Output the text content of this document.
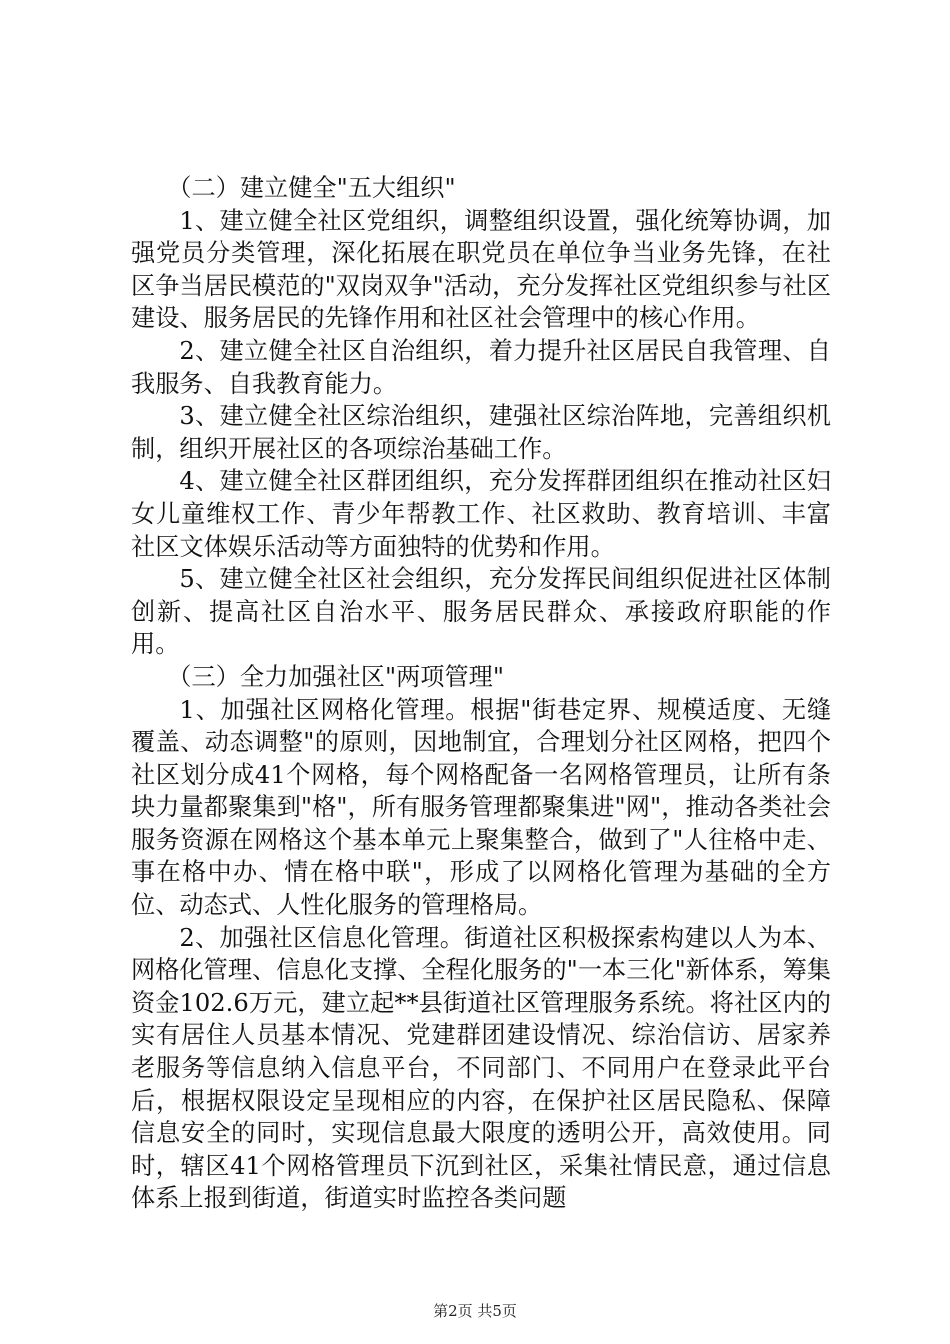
（二）建立健全"五大组织"

1、建立健全社区党组织，调整组织设置，强化统筹协调，加强党员分类管理，深化拓展在职党员在单位争当业务先锋，在社区争当居民模范的"双岗双争"活动，充分发挥社区党组织参与社区建设、服务居民的先锋作用和社区社会管理中的核心作用。

2、建立健全社区自治组织，着力提升社区居民自我管理、自我服务、自我教育能力。

3、建立健全社区综治组织，建强社区综治阵地，完善组织机制，组织开展社区的各项综治基础工作。

4、建立健全社区群团组织，充分发挥群团组织在推动社区妇女儿童维权工作、青少年帮教工作、社区救助、教育培训、丰富社区文体娱乐活动等方面独特的优势和作用。

5、建立健全社区社会组织，充分发挥民间组织促进社区体制创新、提高社区自治水平、服务居民群众、承接政府职能的作用。

（三）全力加强社区"两项管理"

1、加强社区网格化管理。根据"街巷定界、规模适度、无缝覆盖、动态调整"的原则，因地制宜，合理划分社区网格，把四个社区划分成41个网格，每个网格配备一名网格管理员，让所有条块力量都聚集到"格"，所有服务管理都聚集进"网"，推动各类社会服务资源在网格这个基本单元上聚集整合，做到了"人往格中走、事在格中办、情在格中联"，形成了以网格化管理为基础的全方位、动态式、人性化服务的管理格局。

2、加强社区信息化管理。街道社区积极探索构建以人为本、网格化管理、信息化支撑、全程化服务的"一本三化"新体系，筹集资金102.6万元，建立起**县街道社区管理服务系统。将社区内的实有居住人员基本情况、党建群团建设情况、综治信访、居家养老服务等信息纳入信息平台，不同部门、不同用户在登录此平台后，根据权限设定呈现相应的内容，在保护社区居民隐私、保障信息安全的同时，实现信息最大限度的透明公开，高效使用。同时，辖区41个网格管理员下沉到社区，采集社情民意，通过信息体系上报到街道，街道实时监控各类问题

第2页 共5页
